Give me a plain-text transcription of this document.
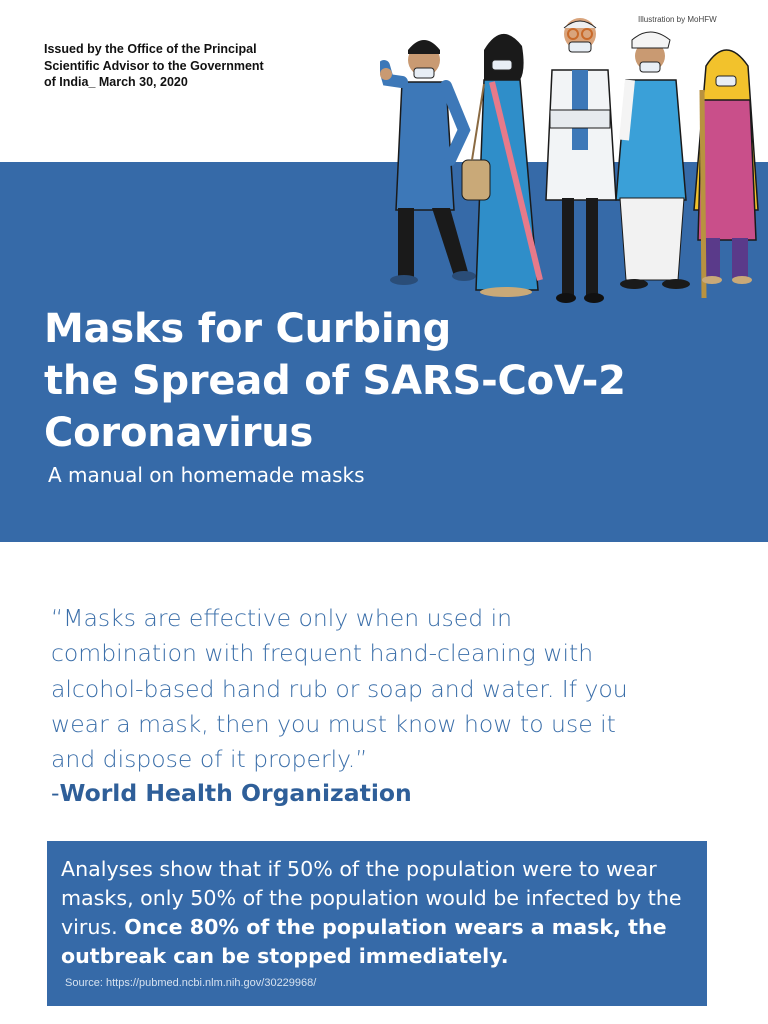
Issued by the Office of the Principal
Scientific Advisor to the Government
of India_ March 30, 2020
Illustration by MoHFW
Masks for Curbing
the Spread of SARS-CoV-2
Coronavirus
A manual on homemade masks
“Masks are effective only when used in
combination with frequent hand-cleaning with
alcohol-based hand rub or soap and water. If you
wear a mask, then you must know how to use it
and dispose of it properly.”
-World Health Organization
Analyses show that if 50% of the population were to wear masks, only 50% of the population would be infected by the virus. Once 80% of the population wears a mask, the outbreak can be stopped immediately.
Source: https://pubmed.ncbi.nlm.nih.gov/30229968/
